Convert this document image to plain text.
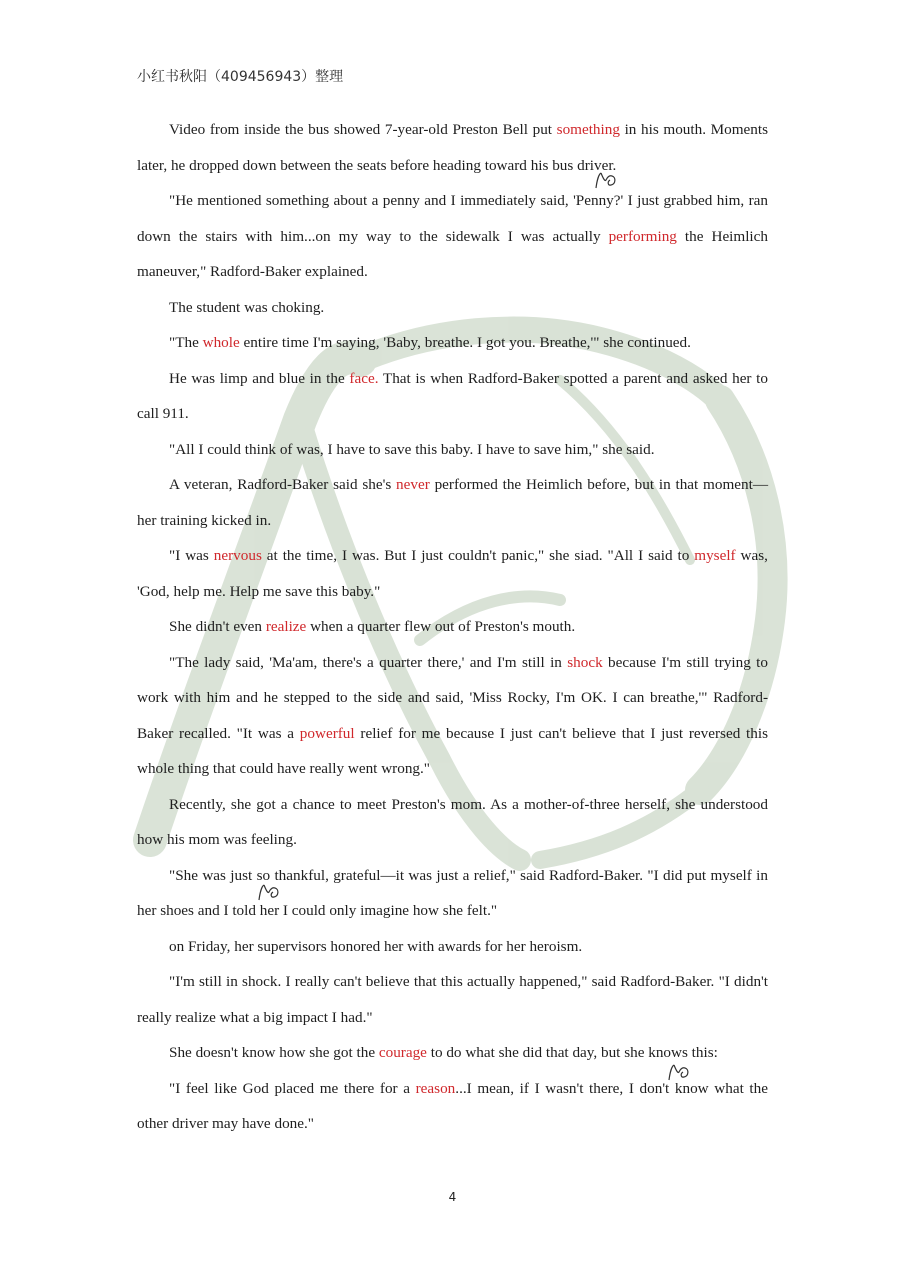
小红书秋阳（409456943）整理

Video from inside the bus showed 7-year-old Preston Bell put something in his mouth. Moments later, he dropped down between the seats before heading toward his bus driver.

"He mentioned something about a penny and I immediately said, 'Penny?' I just grabbed him, ran down the stairs with him...on my way to the sidewalk I was actually performing the Heimlich maneuver," Radford-Baker explained.

The student was choking.

"The whole entire time I'm saying, 'Baby, breathe. I got you. Breathe,'" she continued.

He was limp and blue in the face. That is when Radford-Baker spotted a parent and asked her to call 911.

"All I could think of was, I have to save this baby. I have to save him," she said.

A veteran, Radford-Baker said she's never performed the Heimlich before, but in that moment—her training kicked in.

"I was nervous at the time, I was. But I just couldn't panic," she siad. "All I said to myself was, 'God, help me. Help me save this baby."

She didn't even realize when a quarter flew out of Preston's mouth.

"The lady said, 'Ma'am, there's a quarter there,' and I'm still in shock because I'm still trying to work with him and he stepped to the side and said, 'Miss Rocky, I'm OK. I can breathe,'" Radford-Baker recalled. "It was a powerful relief for me because I just can't believe that I just reversed this whole thing that could have really went wrong."

Recently, she got a chance to meet Preston's mom. As a mother-of-three herself, she understood how his mom was feeling.

"She was just so thankful, grateful—it was just a relief," said Radford-Baker. "I did put myself in her shoes and I told her I could only imagine how she felt."

on Friday, her supervisors honored her with awards for her heroism.

"I'm still in shock. I really can't believe that this actually happened," said Radford-Baker. "I didn't really realize what a big impact I had."

She doesn't know how she got the courage to do what she did that day, but she knows this:

"I feel like God placed me there for a reason...I mean, if I wasn't there, I don't know what the other driver may have done."

4
